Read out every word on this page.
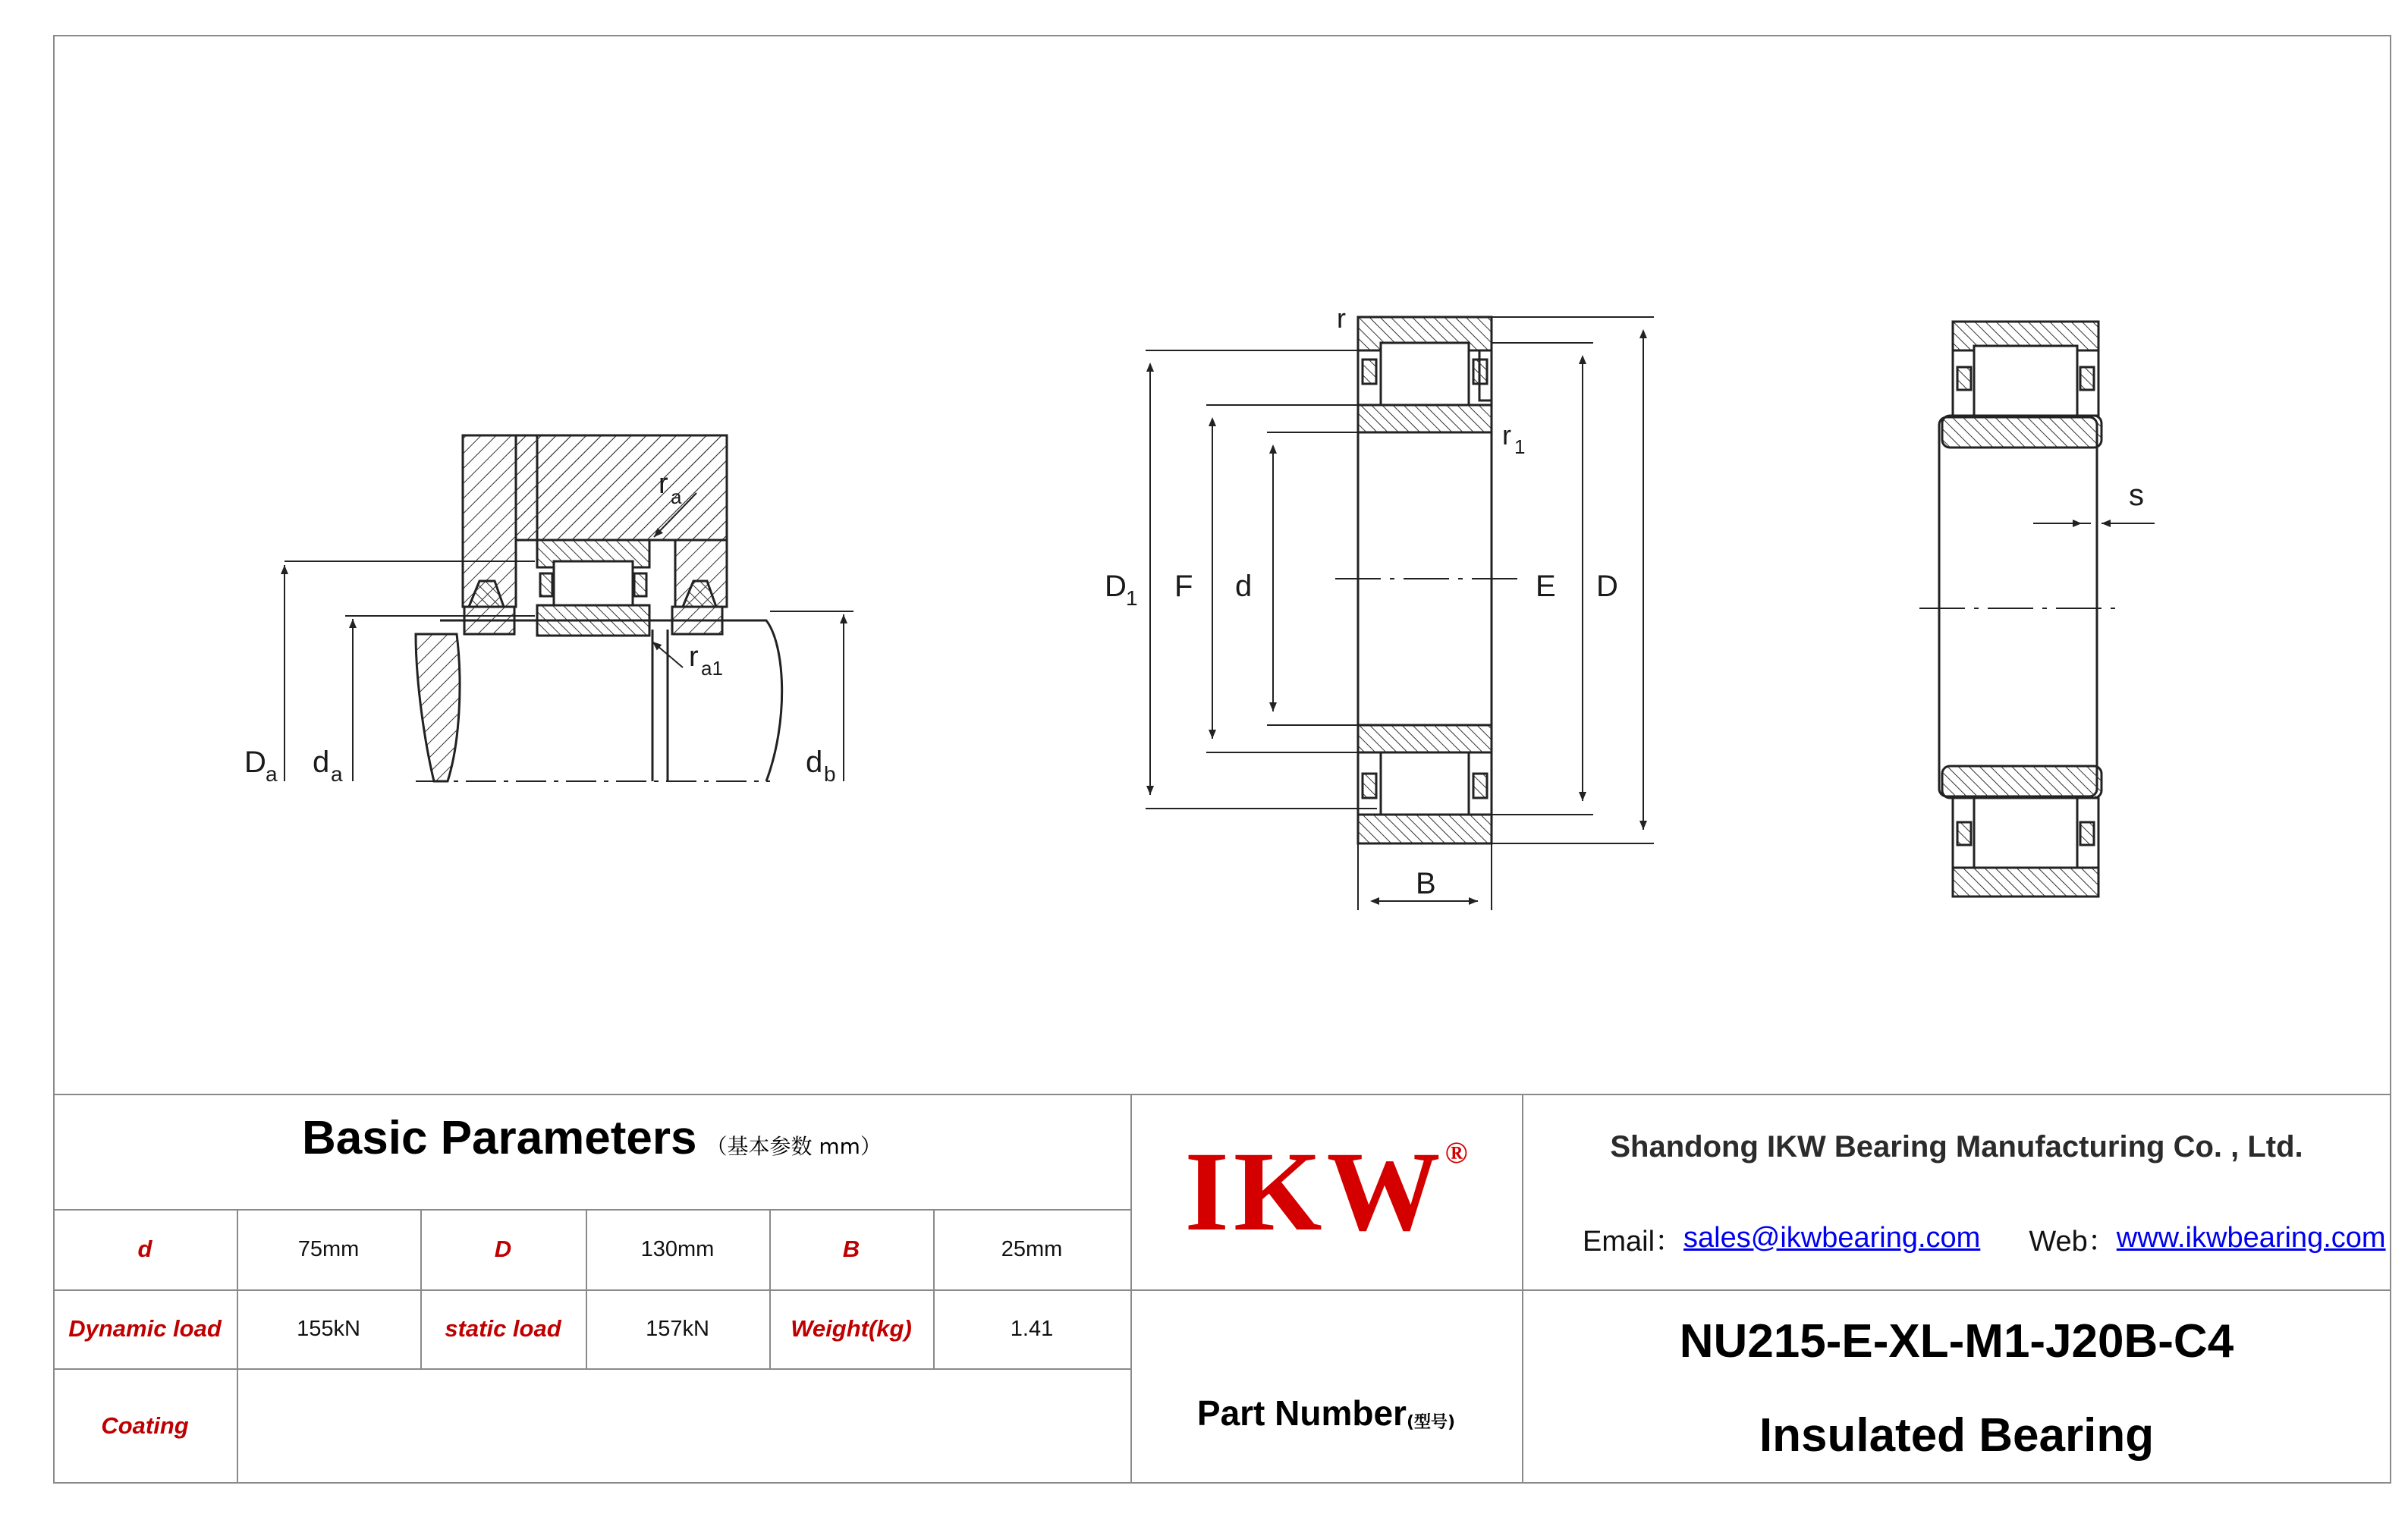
r a
r a1
D a d a	d b
r
r 1
D 1 F d	E D
B
s
Basic Parameters （基本参数 mm）
d	75mm	D	130mm	B	25mm
Dynamic load	155kN	static load	157kN	Weight(kg)	1.41
Coating
IKW ®
Part Number (型号)
Shandong IKW Bearing Manufacturing Co. , Ltd.
Email： sales@ikwbearing.com Web： www.ikwbearing.com
NU215-E-XL-M1-J20B-C4
Insulated Bearing
